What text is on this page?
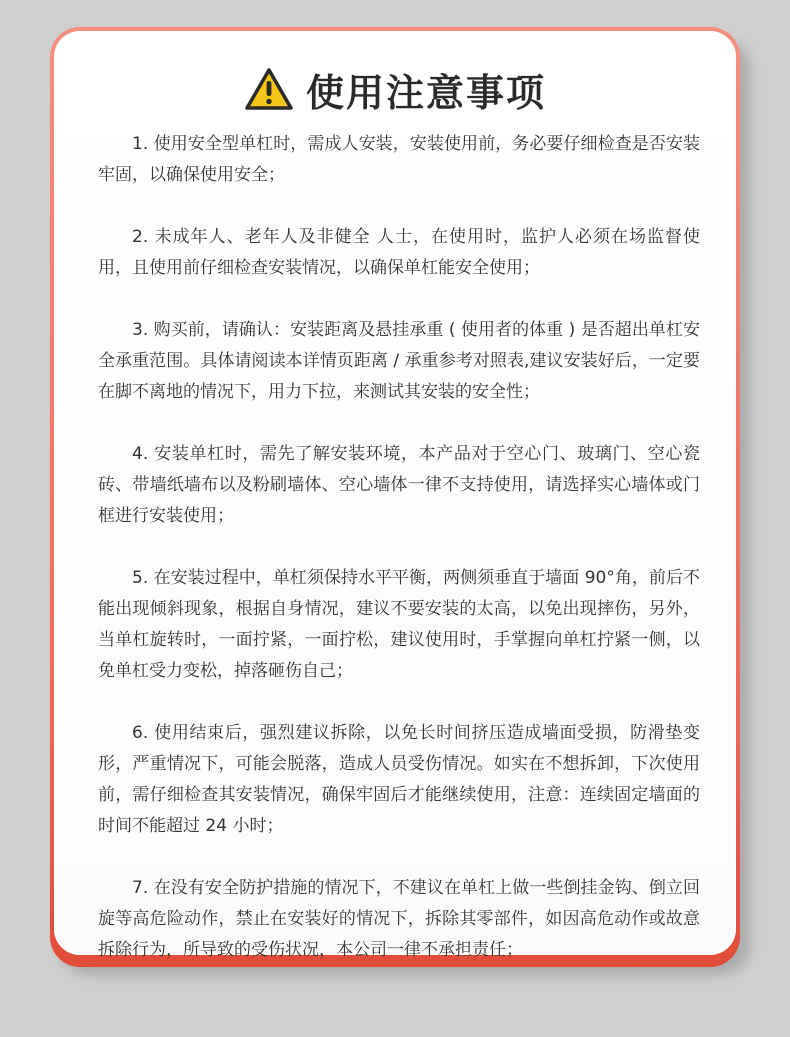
使用注意事项

1. 使用安全型单杠时，需成人安装，安装使用前，务必要仔细检查是否安装牢固，以确保使用安全；

2. 未成年人、老年人及非健全 人士，在使用时，监护人必须在场监督使用，且使用前仔细检查安装情况，以确保单杠能安全使用；

3. 购买前，请确认：安装距离及悬挂承重 ( 使用者的体重 ) 是否超出单杠安全承重范围。具体请阅读本详情页距离 / 承重参考对照表,建议安装好后，一定要在脚不离地的情况下，用力下拉，来测试其安装的安全性；

4. 安装单杠时，需先了解安装环境，本产品对于空心门、玻璃门、空心瓷砖、带墙纸墙布以及粉刷墙体、空心墙体一律不支持使用，请选择实心墙体或门框进行安装使用；

5. 在安装过程中，单杠须保持水平平衡，两侧须垂直于墙面 90°角，前后不能出现倾斜现象，根据自身情况，建议不要安装的太高，以免出现摔伤，另外，当单杠旋转时，一面拧紧，一面拧松，建议使用时，手掌握向单杠拧紧一侧，以免单杠受力变松，掉落砸伤自己；

6. 使用结束后，强烈建议拆除，以免长时间挤压造成墙面受损，防滑垫变形，严重情况下，可能会脱落，造成人员受伤情况。如实在不想拆卸，下次使用前，需仔细检查其安装情况，确保牢固后才能继续使用，注意：连续固定墙面的时间不能超过 24 小时；

7. 在没有安全防护措施的情况下，不建议在单杠上做一些倒挂金钩、倒立回旋等高危险动作，禁止在安装好的情况下，拆除其零部件，如因高危动作或故意拆除行为，所导致的受伤状况，本公司一律不承担责任；
